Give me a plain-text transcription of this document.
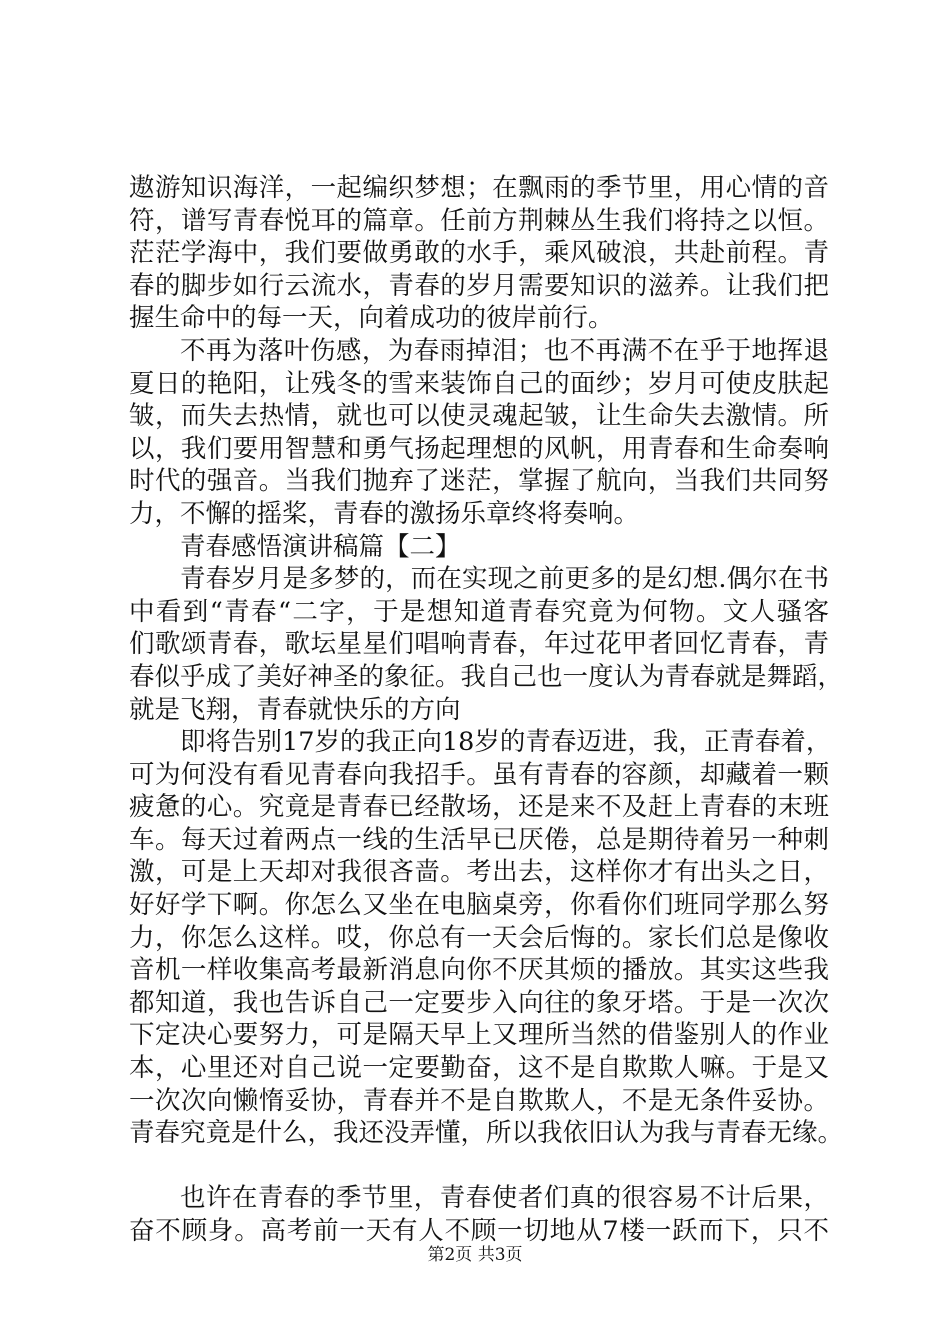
遨游知识海洋，一起编织梦想；在飘雨的季节里，用心情的音
符，谱写青春悦耳的篇章。任前方荆棘丛生我们将持之以恒。
茫茫学海中，我们要做勇敢的水手，乘风破浪，共赴前程。青
春的脚步如行云流水，青春的岁月需要知识的滋养。让我们把
握生命中的每一天，向着成功的彼岸前行。
不再为落叶伤感，为春雨掉泪；也不再满不在乎于地挥退
夏日的艳阳，让残冬的雪来装饰自己的面纱；岁月可使皮肤起
皱，而失去热情，就也可以使灵魂起皱，让生命失去激情。所
以，我们要用智慧和勇气扬起理想的风帆，用青春和生命奏响
时代的强音。当我们抛弃了迷茫，掌握了航向，当我们共同努
力，不懈的摇桨，青春的激扬乐章终将奏响。
青春感悟演讲稿篇【二】
青春岁月是多梦的，而在实现之前更多的是幻想.偶尔在书
中看到“青春“二字，于是想知道青春究竟为何物。文人骚客
们歌颂青春，歌坛星星们唱响青春，年过花甲者回忆青春，青
春似乎成了美好神圣的象征。我自己也一度认为青春就是舞蹈，
就是飞翔，青春就快乐的方向
即将告别17岁的我正向18岁的青春迈进，我，正青春着，
可为何没有看见青春向我招手。虽有青春的容颜，却藏着一颗
疲惫的心。究竟是青春已经散场，还是来不及赶上青春的末班
车。每天过着两点一线的生活早已厌倦，总是期待着另一种刺
激，可是上天却对我很吝啬。考出去，这样你才有出头之日，
好好学下啊。你怎么又坐在电脑桌旁，你看你们班同学那么努
力，你怎么这样。哎，你总有一天会后悔的。家长们总是像收
音机一样收集高考最新消息向你不厌其烦的播放。其实这些我
都知道，我也告诉自己一定要步入向往的象牙塔。于是一次次
下定决心要努力，可是隔天早上又理所当然的借鉴别人的作业
本，心里还对自己说一定要勤奋，这不是自欺欺人嘛。于是又
一次次向懒惰妥协，青春并不是自欺欺人，不是无条件妥协。
青春究竟是什么，我还没弄懂，所以我依旧认为我与青春无缘。
也许在青春的季节里，青春使者们真的很容易不计后果，
奋不顾身。高考前一天有人不顾一切地从7楼一跃而下，只不
第2页 共3页
